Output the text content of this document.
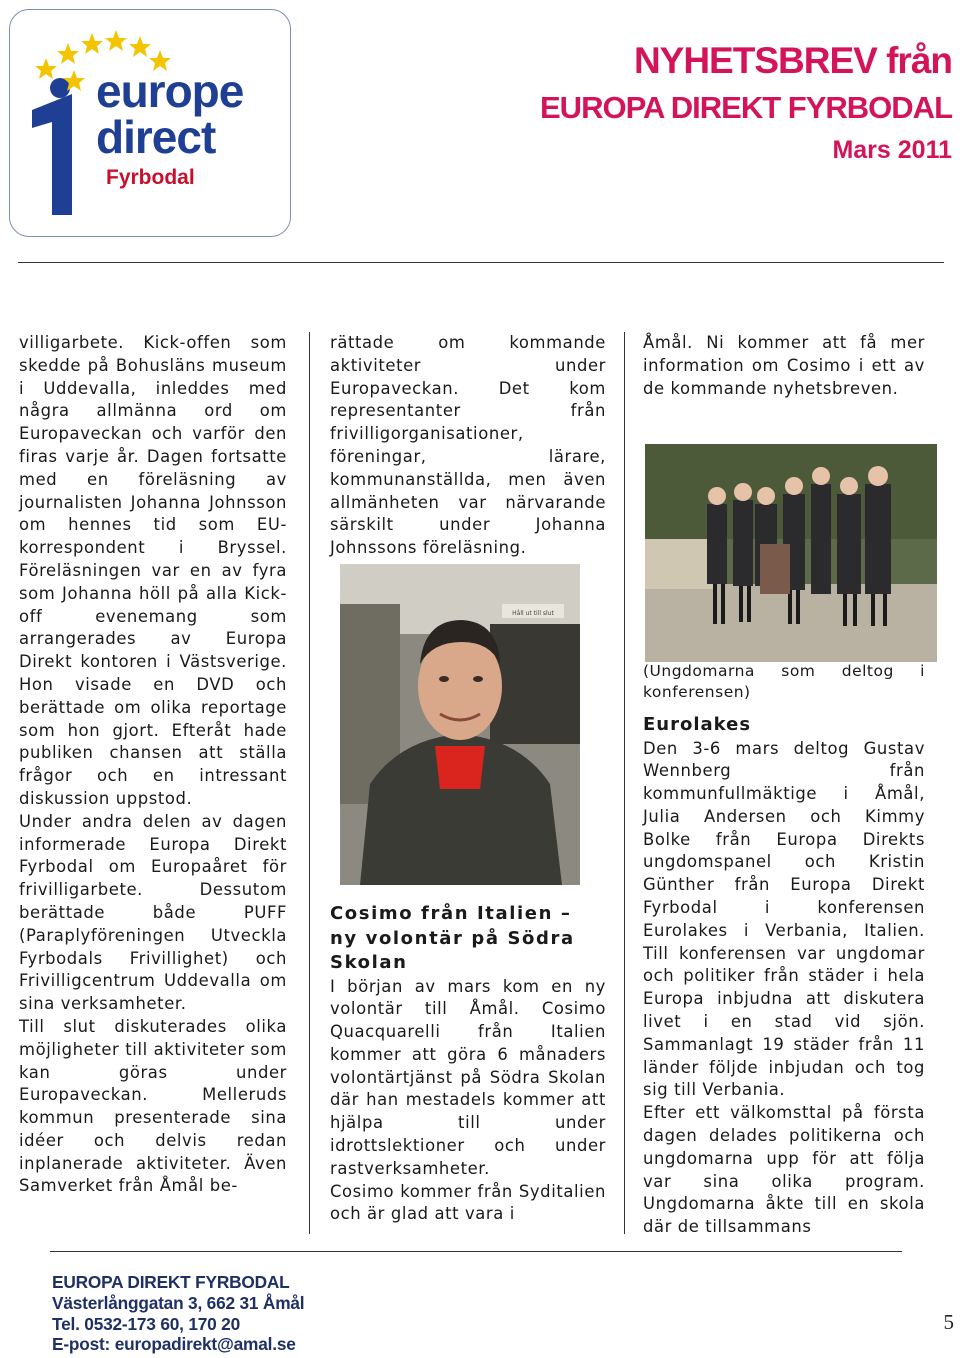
europe
direct
Fyrbodal
NYHETSBREV från
EUROPA DIREKT FYRBODAL
Mars 2011

villigarbete. Kick-offen som skedde på Bohusläns museum i Uddevalla, inleddes med några allmänna ord om Europaveckan och varför den firas varje år. Dagen fortsatte med en föreläsning av journalisten Johanna Johnsson om hennes tid som EU-korrespondent i Bryssel. Föreläsningen var en av fyra som Johanna höll på alla Kick-off evenemang som arrangerades av Europa Direkt kontoren i Västsverige. Hon visade en DVD och berättade om olika reportage som hon gjort. Efteråt hade publiken chansen att ställa frågor och en intressant diskussion uppstod.

Under andra delen av dagen informerade Europa Direkt Fyrbodal om Europaåret för frivilligarbete. Dessutom berättade både PUFF (Paraplyföreningen Utveckla Fyrbodals Frivillighet) och Frivilligcentrum Uddevalla om sina verksamheter.

Till slut diskuterades olika möjligheter till aktiviteter som kan göras under Europaveckan. Melleruds kommun presenterade sina idéer och delvis redan inplanerade aktiviteter. Även Samverket från Åmål be-

rättade om kommande aktiviteter under Europaveckan. Det kom representanter från frivilligorganisationer, föreningar, lärare, kommunanställda, men även allmänheten var närvarande särskilt under Johanna Johnssons föreläsning.

Håll ut till slut

Cosimo från Italien – ny volontär på Södra Skolan

I början av mars kom en ny volontär till Åmål. Cosimo Quacquarelli från Italien kommer att göra 6 månaders volontärtjänst på Södra Skolan där han mestadels kommer att hjälpa till under idrottslektioner och under rastverksamheter.

Cosimo kommer från Syditalien och är glad att vara i

Åmål. Ni kommer att få mer information om Cosimo i ett av de kommande nyhetsbreven.

(Ungdomarna som deltog i konferensen)

Eurolakes

Den 3-6 mars deltog Gustav Wennberg från kommunfullmäktige i Åmål, Julia Andersen och Kimmy Bolke från Europa Direkts ungdomspanel och Kristin Günther från Europa Direkt Fyrbodal i konferensen Eurolakes i Verbania, Italien. Till konferensen var ungdomar och politiker från städer i hela Europa inbjudna att diskutera livet i en stad vid sjön. Sammanlagt 19 städer från 11 länder följde inbjudan och tog sig till Verbania.

Efter ett välkomsttal på första dagen delades politikerna och ungdomarna upp för att följa var sina olika program. Ungdomarna åkte till en skola där de tillsammans

EUROPA DIREKT FYRBODAL
Västerlånggatan 3, 662 31 Åmål
Tel. 0532-173 60, 170 20
E-post: europadirekt@amal.se
5
